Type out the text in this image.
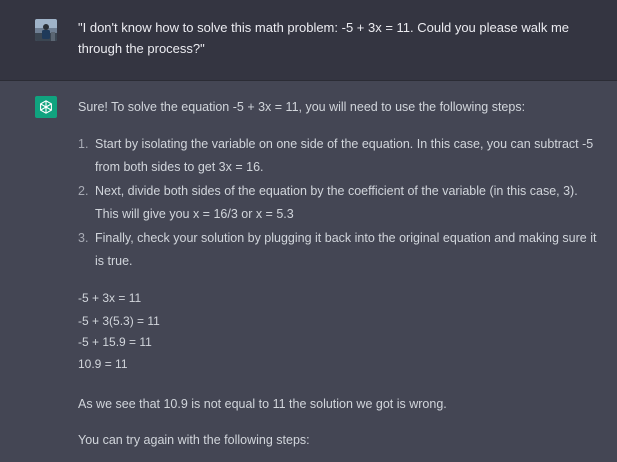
"I don't know how to solve this math problem: -5 + 3x = 11. Could you please walk me through the process?"
Sure! To solve the equation -5 + 3x = 11, you will need to use the following steps:
1. Start by isolating the variable on one side of the equation. In this case, you can subtract -5 from both sides to get 3x = 16.
2. Next, divide both sides of the equation by the coefficient of the variable (in this case, 3). This will give you x = 16/3 or x = 5.3
3. Finally, check your solution by plugging it back into the original equation and making sure it is true.
-5 + 3x = 11
-5 + 3(5.3) = 11
-5 + 15.9 = 11
10.9 = 11
As we see that 10.9 is not equal to 11 the solution we got is wrong.
You can try again with the following steps:
